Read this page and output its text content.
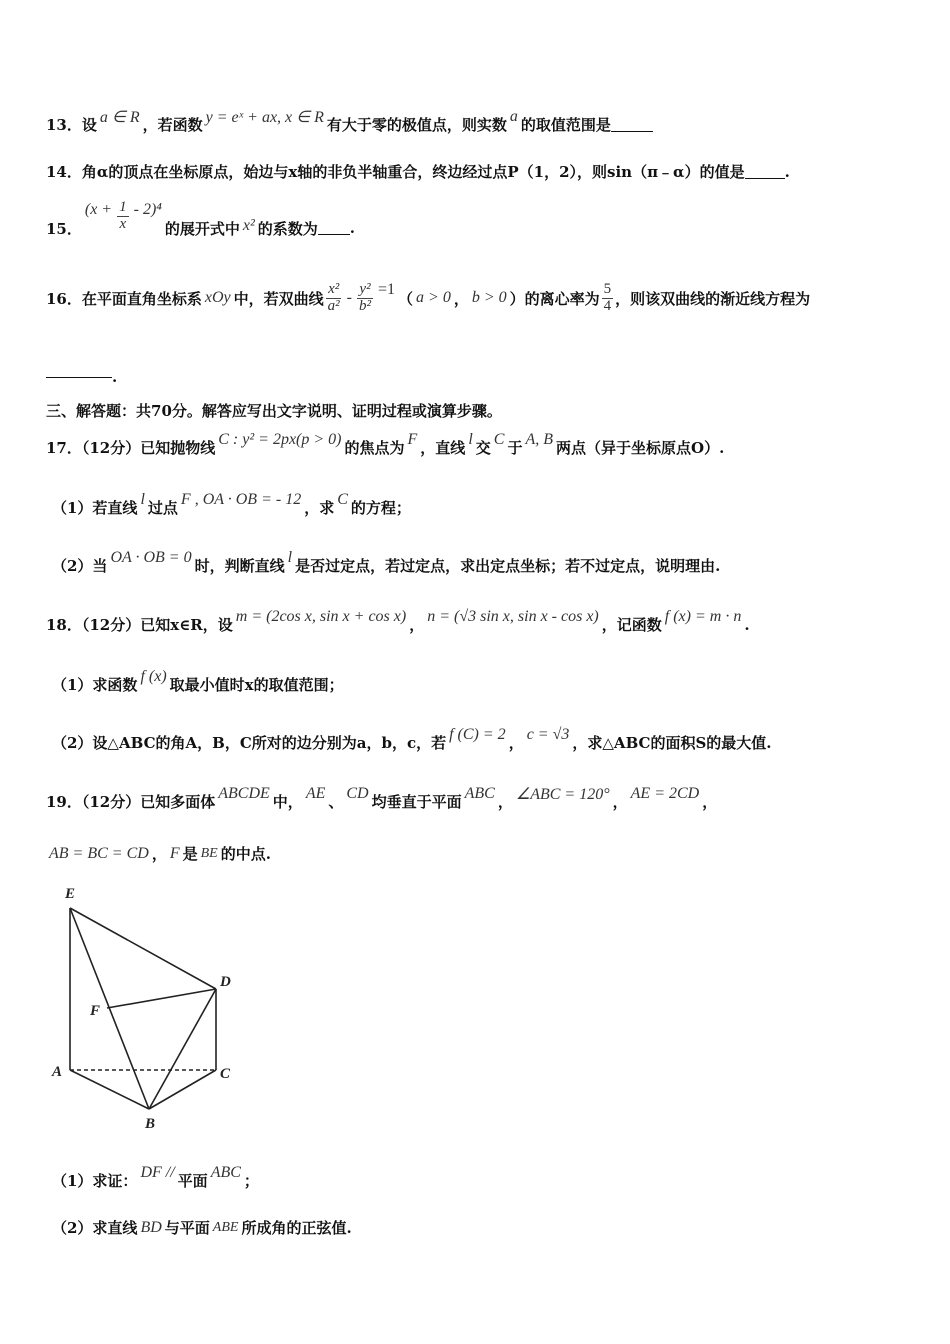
13． 设 a ∈ R ，若函数 y = eˣ + ax, x ∈ R 有大于零的极值点，则实数 a 的取值范围是
14．角α的顶点在坐标原点，始边与x轴的非负半轴重合，终边经过点P（1，2），则sin（π﹣α）的值是	.
15．
$(x + \frac{1}{x} - 2)^4$
的展开式中 x² 的系数为 .
16． 在平面直角坐标系 xOy 中，若双曲线 $\frac{\text{x²}}{\text{a²}} - \frac{\text{y²}}{\text{b²}} =1$ （ a > 0 ， b > 0 ）的离心率为 $\frac{5}{4}$ ，则该双曲线的渐近线方程为
.
三、解答题：共70分。解答应写出文字说明、证明过程或演算步骤。
17．（12分）已知抛物线 C : y² = 2px(p > 0) 的焦点为 F ，直线 l 交 C 于 A, B 两点（异于坐标原点O）.
（1）若直线 l 过点 F , OA · OB = - 12 ，求 C 的方程；
（2）当 OA · OB = 0 时，判断直线 l 是否过定点，若过定点，求出定点坐标；若不过定点，说明理由.
18．（12分）已知x∈R，设 m = (2cos x, sin x + cos x) ， n = (√3 sin x, sin x - cos x) ，记函数 f (x) = m · n .
（1）求函数 f (x) 取最小值时x的取值范围；
（2）设△ABC的角A，B，C所对的边分别为a，b，c，若 f (C) = 2 ， c = √3 ，求△ABC的面积S的最大值.
19．（12分）已知多面体 ABCDE 中， AE 、 CD 均垂直于平面 ABC ， ∠ABC = 120° ， AE = 2CD ，
AB = BC = CD ， F 是 BE 的中点.
E
D
F
A	C
B
（1）求证： DF // 平面 ABC ；
（2）求直线 BD 与平面 ABE 所成角的正弦值.
